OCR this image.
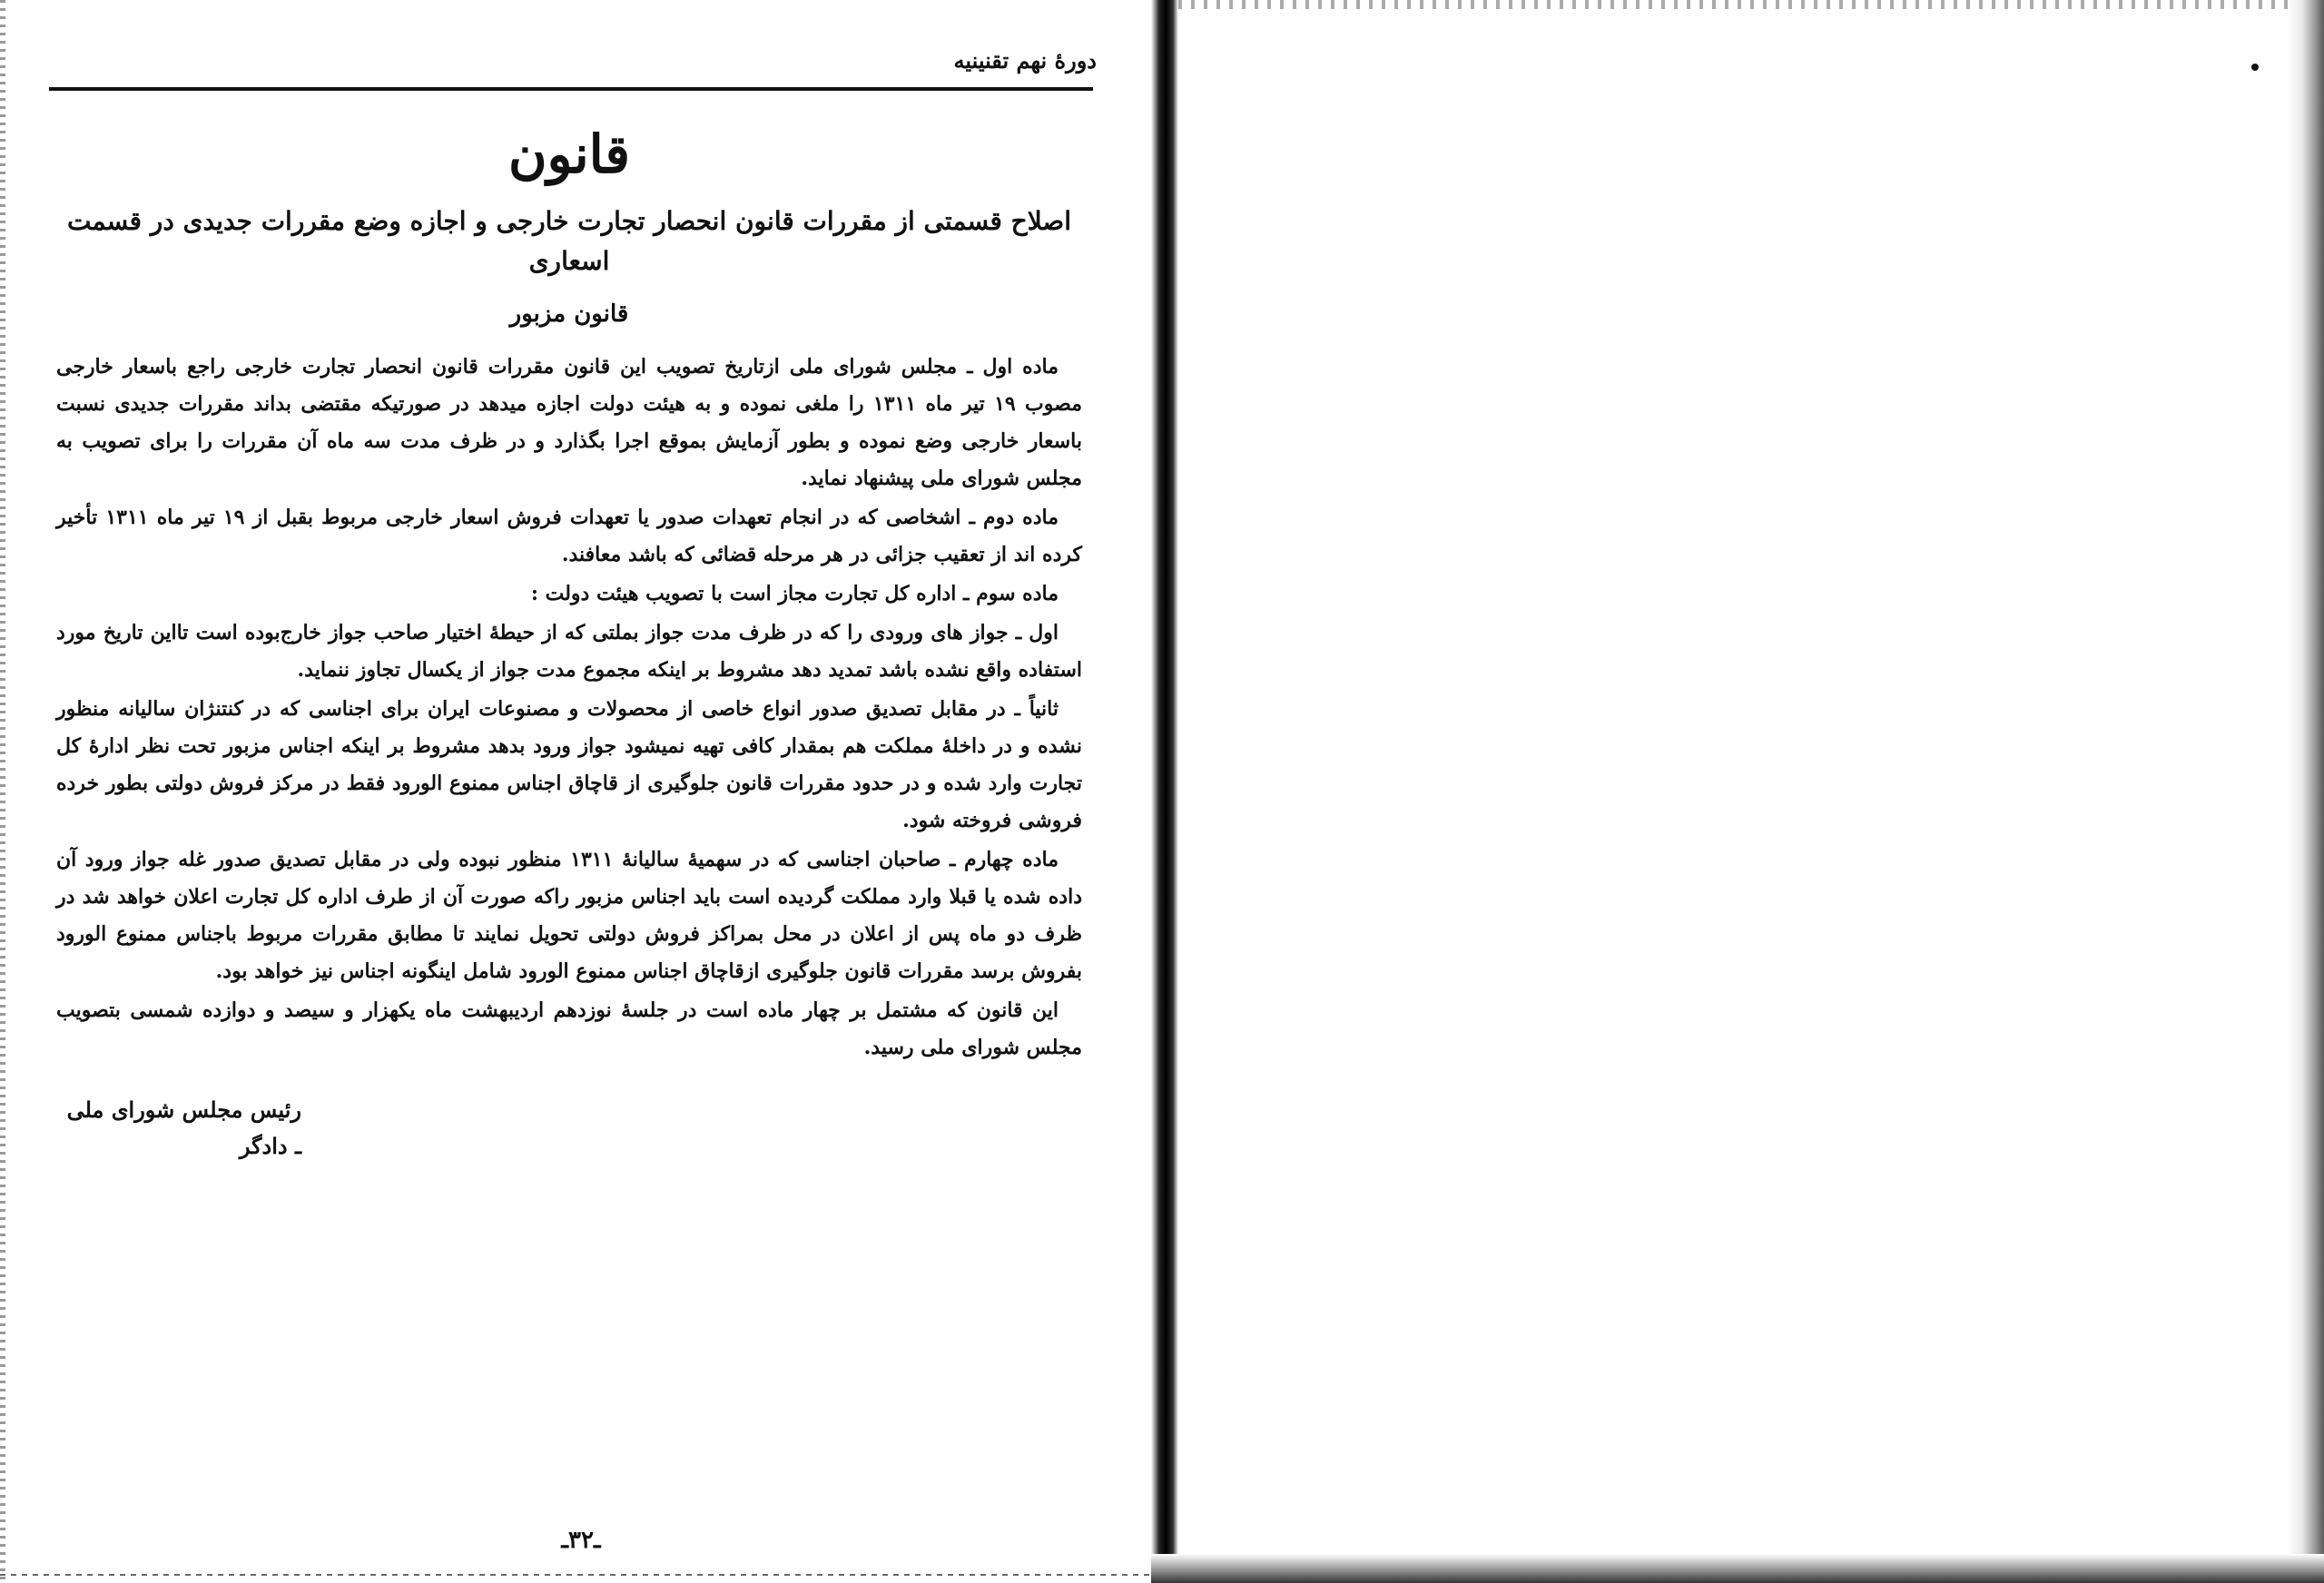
دورهٔ نهم تقنینیه
قانون
اصلاح قسمتی از مقررات قانون انحصار تجارت خارجی و اجازه وضع مقررات جدیدی در قسمت اسعاری
قانون مزبور

ماده اول ـ مجلس شورای ملی ازتاریخ تصویب این قانون مقررات قانون انحصار تجارت خارجی راجع باسعار خارجی مصوب ۱۹ تیر ماه ۱۳۱۱ را ملغی نموده و به هیئت دولت اجازه میدهد در صورتیکه مقتضی بداند مقررات جدیدی نسبت باسعار خارجی وضع نموده و بطور آزمایش بموقع اجرا بگذارد و در ظرف مدت سه ماه آن مقررات را برای تصویب به مجلس شورای ملی پیشنهاد نماید.

ماده دوم ـ اشخاصی که در انجام تعهدات صدور یا تعهدات فروش اسعار خارجی مربوط بقبل از ۱۹ تیر ماه ۱۳۱۱ تأخیر کرده اند از تعقیب جزائی در هر مرحله قضائی که باشد معافند.

ماده سوم ـ اداره کل تجارت مجاز است با تصویب هیئت دولت :

اول ـ جواز های ورودی را که در ظرف مدت جواز بملتی که از حیطهٔ اختیار صاحب جواز خارج‌بوده است تااین تاریخ مورد استفاده واقع نشده باشد تمدید دهد مشروط بر اینکه مجموع مدت جواز از یکسال تجاوز ننماید.

ثانیاً ـ در مقابل تصدیق صدور انواع خاصی از محصولات و مصنوعات ایران برای اجناسی که در کنتنژان سالیانه منظور نشده و در داخلهٔ مملکت هم بمقدار کافی تهیه نمیشود جواز ورود بدهد مشروط بر اینکه اجناس مزبور تحت نظر ادارهٔ کل تجارت وارد شده و در حدود مقررات قانون جلوگیری از قاچاق اجناس ممنوع الورود فقط در مرکز فروش دولتی بطور خرده فروشی فروخته شود.

ماده چهارم ـ صاحبان اجناسی که در سهمیهٔ سالیانهٔ ۱۳۱۱ منظور نبوده ولی در مقابل تصدیق صدور غله جواز ورود آن داده شده یا قبلا وارد مملکت گردیده است باید اجناس مزبور راکه صورت آن از طرف اداره کل تجارت اعلان خواهد شد در ظرف دو ماه پس از اعلان در محل بمراکز فروش دولتی تحویل نمایند تا مطابق مقررات مربوط باجناس ممنوع الورود بفروش برسد مقررات قانون جلوگیری ازقاچاق اجناس ممنوع الورود شامل اینگونه اجناس نیز خواهد بود.

این قانون که مشتمل بر چهار ماده است در جلسهٔ نوزدهم اردیبهشت ماه یکهزار و سیصد و دوازده شمسی بتصویب مجلس شورای ملی رسید.

رئیس مجلس شورای ملی ـ دادگر
ـ۳۲ـ
